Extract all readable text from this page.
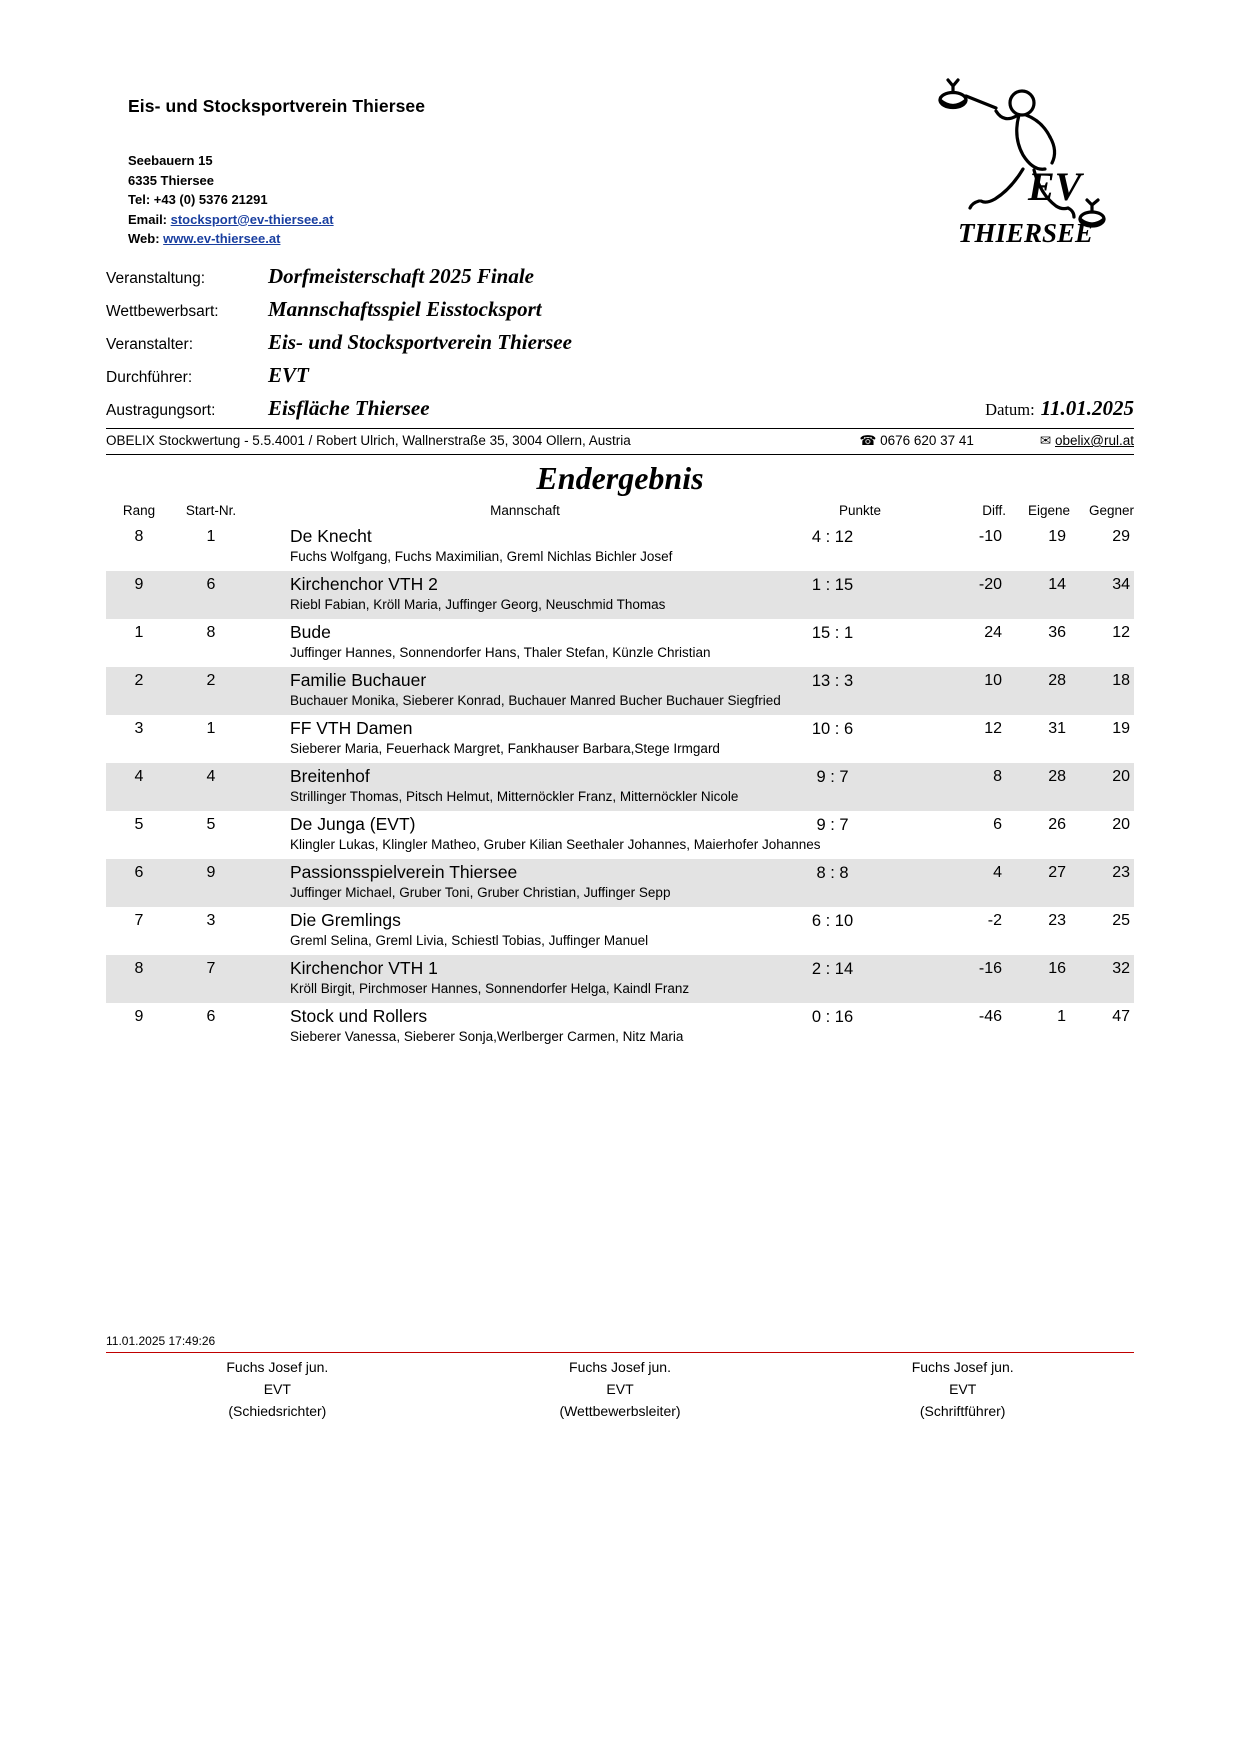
Eis- und Stocksportverein Thiersee
Seebauern 15
6335 Thiersee
Tel: +43 (0) 5376 21291
Email: stocksport@ev-thiersee.at
Web: www.ev-thiersee.at
EV
THIERSEE
Veranstaltung:	Dorfmeisterschaft 2025 Finale
Wettbewerbsart:	Mannschaftsspiel Eisstocksport
Veranstalter:	Eis- und Stocksportverein Thiersee
Durchführer:	EVT
Austragungsort:	Eisfläche Thiersee	Datum: 11.01.2025
OBELIX Stockwertung - 5.5.4001 / Robert Ulrich, Wallnerstraße 35, 3004 Ollern, Austria	☎ 0676 620 37 41	✉ obelix@rul.at
Endergebnis
Rang	Start-Nr.	Mannschaft	Punkte	Diff.	Eigene	Gegner
8	1	De Knecht	4 : 12	-10	19	29
		Fuchs Wolfgang, Fuchs Maximilian, Greml Nichlas Bichler Josef				
9	6	Kirchenchor VTH 2	1 : 15	-20	14	34
		Riebl Fabian, Kröll Maria, Juffinger Georg, Neuschmid Thomas				
1	8	Bude	15 : 1	24	36	12
		Juffinger Hannes, Sonnendorfer Hans, Thaler Stefan, Künzle Christian				
2	2	Familie Buchauer	13 : 3	10	28	18
		Buchauer Monika, Sieberer Konrad, Buchauer Manred Bucher Buchauer Siegfried				
3	1	FF VTH Damen	10 : 6	12	31	19
		Sieberer Maria, Feuerhack Margret, Fankhauser Barbara,Stege Irmgard				
4	4	Breitenhof	9 : 7	8	28	20
		Strillinger Thomas, Pitsch Helmut, Mitternöckler Franz, Mitternöckler Nicole				
5	5	De Junga (EVT)	9 : 7	6	26	20
		Klingler Lukas, Klingler Matheo, Gruber Kilian Seethaler Johannes, Maierhofer Johannes				
6	9	Passionsspielverein Thiersee	8 : 8	4	27	23
		Juffinger Michael, Gruber Toni, Gruber Christian, Juffinger Sepp				
7	3	Die Gremlings	6 : 10	-2	23	25
		Greml Selina, Greml Livia, Schiestl Tobias, Juffinger Manuel				
8	7	Kirchenchor VTH 1	2 : 14	-16	16	32
		Kröll Birgit, Pirchmoser Hannes, Sonnendorfer Helga, Kaindl Franz				
9	6	Stock und Rollers	0 : 16	-46	1	47
		Sieberer Vanessa, Sieberer Sonja,Werlberger Carmen, Nitz Maria				
11.01.2025 17:49:26
Fuchs Josef jun.
EVT
(Schiedsrichter)
Fuchs Josef jun.
EVT
(Wettbewerbsleiter)
Fuchs Josef jun.
EVT
(Schriftführer)
